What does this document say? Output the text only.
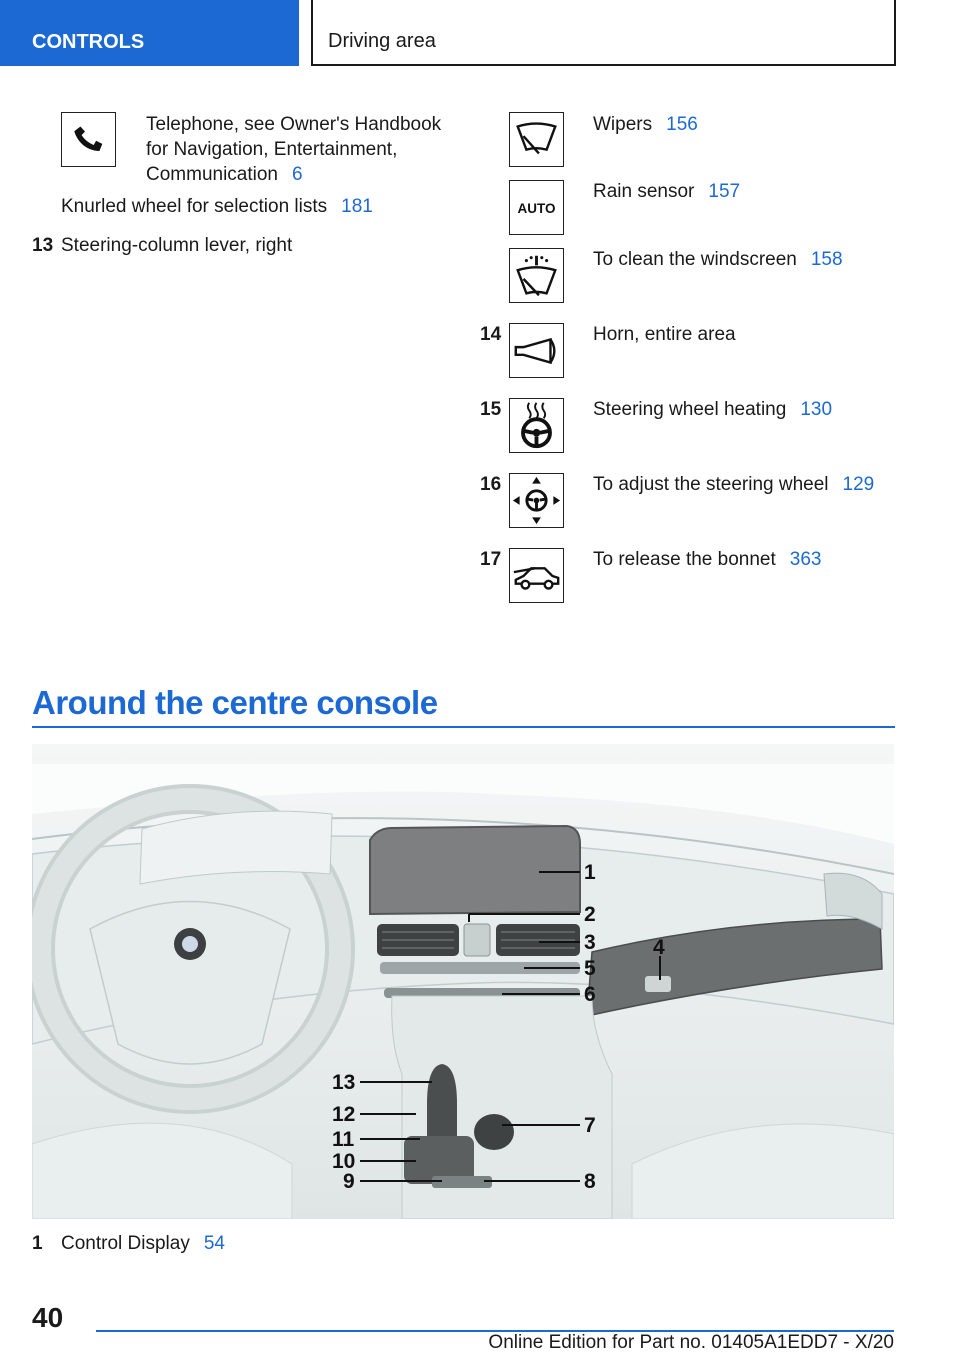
CONTROLS	Driving area
Telephone, see Owner's Handbook for Navigation, Entertainment, Communication 6
Knurled wheel for selection lists 181
13 Steering-column lever, right
Wipers 156
AUTO
Rain sensor 157
To clean the windscreen 158
14	Horn, entire area
15	Steering wheel heating 130
16	To adjust the steering wheel 129
17	To release the bonnet 363
Around the centre console
1
2
3	4
5
6
7
8
9
10
11
12
13
1 Control Display 54
40
Online Edition for Part no. 01405A1EDD7 - X/20
